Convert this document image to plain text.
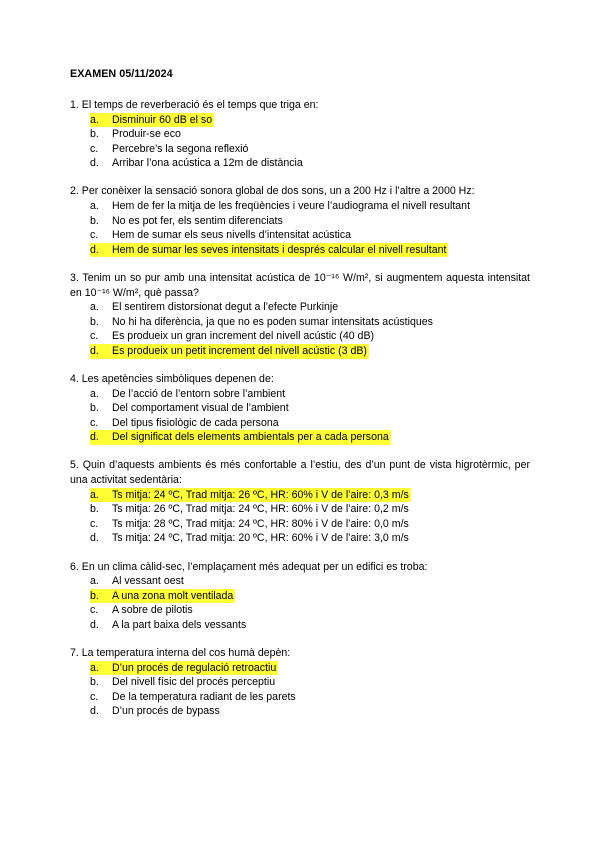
EXAMEN 05/11/2024
1. El temps de reverberació és el temps que triga en:
a.	Disminuir 60 dB el so
b.	Produir-se eco
c.	Percebre’s la segona reflexió
d.	Arribar l’ona acústica a 12m de distància
2. Per conèixer la sensació sonora global de dos sons, un a 200 Hz i l’altre a 2000 Hz:
a.	Hem de fer la mitja de les freqüències i veure l’audiograma el nivell resultant
b.	No es pot fer, els sentim diferenciats
c.	Hem de sumar els seus nivells d’intensitat acústica
d.	Hem de sumar les seves intensitats i després calcular el nivell resultant
3. Tenim un so pur amb una intensitat acústica de 10⁻¹⁶ W/m², si augmentem aquesta intensitat en 10⁻¹⁶ W/m², què passa?
a.	El sentirem distorsionat degut a l’efecte Purkinje
b.	No hi ha diferència, ja que no es poden sumar intensitats acústiques
c.	Es produeix un gran increment del nivell acústic (40 dB)
d.	Es produeix un petit increment del nivell acústic (3 dB)
4. Les apetències simbòliques depenen de:
a.	De l’acció de l’entorn sobre l’ambient
b.	Del comportament visual de l’ambient
c.	Del tipus fisiològic de cada persona
d.	Del significat dels elements ambientals per a cada persona
5. Quin d’aquests ambients és més confortable a l’estiu, des d’un punt de vista higrotèrmic, per una activitat sedentària:
a.	Ts mitja: 24 ºC, Trad mitja: 26 ºC, HR: 60% i V de l’aire: 0,3 m/s
b.	Ts mitja: 26 ºC, Trad mitja: 24 ºC, HR: 60% i V de l’aire: 0,2 m/s
c.	Ts mitja: 28 ºC, Trad mitja: 24 ºC, HR: 80% i V de l’aire: 0,0 m/s
d.	Ts mitja: 24 ºC, Trad mitja: 20 ºC, HR: 60% i V de l’aire: 3,0 m/s
6. En un clima càlid-sec, l’emplaçament més adequat per un edifici es troba:
a.	Al vessant oest
b.	A una zona molt ventilada
c.	A sobre de pilotis
d.	A la part baixa dels vessants
7. La temperatura interna del cos humà depèn:
a.	D’un procés de regulació retroactiu
b.	Del nivell físic del procés perceptiu
c.	De la temperatura radiant de les parets
d.	D’un procés de bypass
